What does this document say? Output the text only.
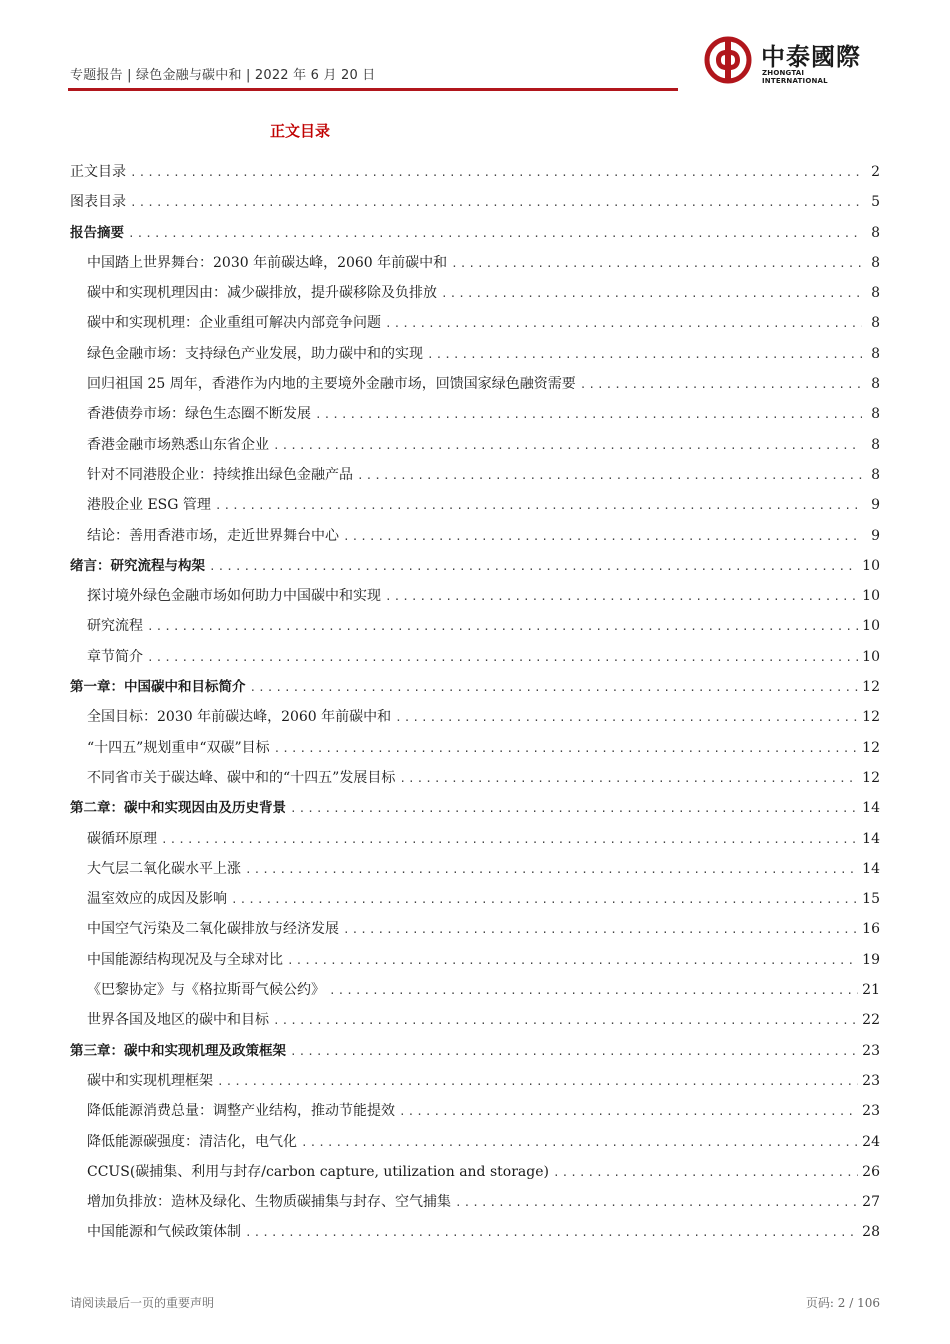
专题报告 | 绿色金融与碳中和 | 2022 年 6 月 20 日
中泰國際
ZHONGTAI INTERNATIONAL
正文目录
正文目录 .....	2
图表目录 .....	5
报告摘要 .....	8
中国踏上世界舞台：2030 年前碳达峰，2060 年前碳中和 .....	8
碳中和实现机理因由：减少碳排放，提升碳移除及负排放 .....	8
碳中和实现机理：企业重组可解决内部竞争问题 .....	8
绿色金融市场：支持绿色产业发展，助力碳中和的实现 .....	8
回归祖国 25 周年，香港作为内地的主要境外金融市场，回馈国家绿色融资需要 .....	8
香港债券市场：绿色生态圈不断发展 .....	8
香港金融市场熟悉山东省企业 .....	8
针对不同港股企业：持续推出绿色金融产品 .....	8
港股企业 ESG 管理 .....	9
结论：善用香港市场，走近世界舞台中心 .....	9
绪言：研究流程与构架 .....	10
探讨境外绿色金融市场如何助力中国碳中和实现 .....	10
研究流程 .....	10
章节简介 .....	10
第一章：中国碳中和目标简介 .....	12
全国目标：2030 年前碳达峰，2060 年前碳中和 .....	12
“十四五”规划重申“双碳”目标 .....	12
不同省市关于碳达峰、碳中和的“十四五”发展目标 .....	12
第二章：碳中和实现因由及历史背景 .....	14
碳循环原理 .....	14
大气层二氧化碳水平上涨 .....	14
温室效应的成因及影响 .....	15
中国空气污染及二氧化碳排放与经济发展 .....	16
中国能源结构现况及与全球对比 .....	19
《巴黎协定》与《格拉斯哥气候公约》 .....	21
世界各国及地区的碳中和目标 .....	22
第三章：碳中和实现机理及政策框架 .....	23
碳中和实现机理框架 .....	23
降低能源消费总量：调整产业结构，推动节能提效 .....	23
降低能源碳强度：清洁化，电气化 .....	24
CCUS(碳捕集、利用与封存/carbon capture, utilization and storage) .....	26
增加负排放：造林及绿化、生物质碳捕集与封存、空气捕集 .....	27
中国能源和气候政策体制 .....	28
请阅读最后一页的重要声明	页码: 2 / 106
